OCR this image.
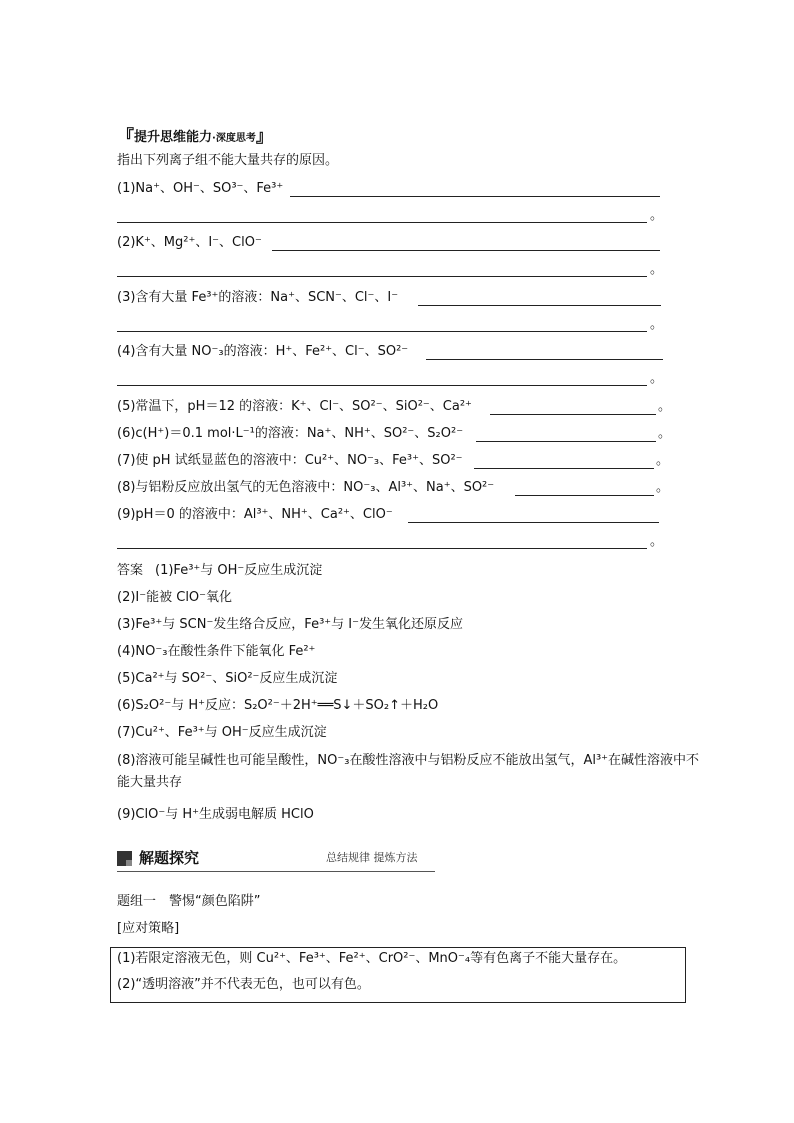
『提升思维能力·深度思考』
指出下列离子组不能大量共存的原因。
(1)Na⁺、OH⁻、SO³⁻、Fe³⁺
。
(2)K⁺、Mg²⁺、I⁻、ClO⁻
。
(3)含有大量 Fe³⁺的溶液：Na⁺、SCN⁻、Cl⁻、I⁻
。
(4)含有大量 NO⁻₃的溶液：H⁺、Fe²⁺、Cl⁻、SO²⁻
。
(5)常温下，pH＝12 的溶液：K⁺、Cl⁻、SO²⁻、SiO²⁻、Ca²⁺	。
(6)c(H⁺)＝0.1 mol·L⁻¹的溶液：Na⁺、NH⁺、SO²⁻、S₂O²⁻	。
(7)使 pH 试纸显蓝色的溶液中：Cu²⁺、NO⁻₃、Fe³⁺、SO²⁻	。
(8)与铝粉反应放出氢气的无色溶液中：NO⁻₃、Al³⁺、Na⁺、SO²⁻	。
(9)pH＝0 的溶液中：Al³⁺、NH⁺、Ca²⁺、ClO⁻
。
答案 (1)Fe³⁺与 OH⁻反应生成沉淀
(2)I⁻能被 ClO⁻氧化
(3)Fe³⁺与 SCN⁻发生络合反应，Fe³⁺与 I⁻发生氧化还原反应
(4)NO⁻₃在酸性条件下能氧化 Fe²⁺
(5)Ca²⁺与 SO²⁻、SiO²⁻反应生成沉淀
(6)S₂O²⁻与 H⁺反应：S₂O²⁻＋2H⁺══S↓＋SO₂↑＋H₂O
(7)Cu²⁺、Fe³⁺与 OH⁻反应生成沉淀
(8)溶液可能呈碱性也可能呈酸性，NO⁻₃在酸性溶液中与铝粉反应不能放出氢气，Al³⁺在碱性溶液中不能大量共存
(9)ClO⁻与 H⁺生成弱电解质 HClO
解题探究	总结规律 提炼方法
题组一　警惕“颜色陷阱”
[应对策略]
(1)若限定溶液无色，则 Cu²⁺、Fe³⁺、Fe²⁺、CrO²⁻、MnO⁻₄等有色离子不能大量存在。
(2)“透明溶液”并不代表无色，也可以有色。
